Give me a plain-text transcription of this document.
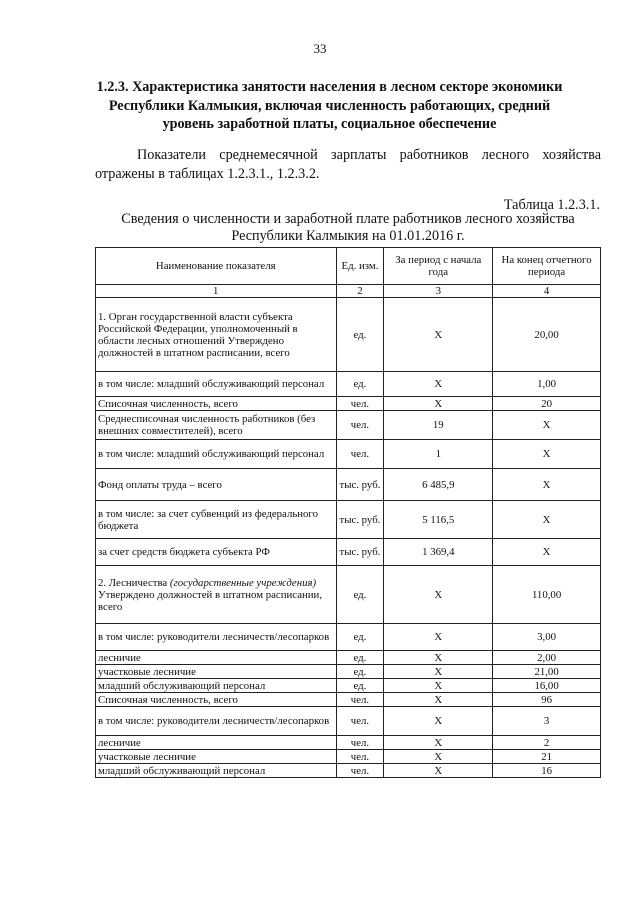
33
1.2.3. Характеристика занятости населения в лесном секторе экономики Республики Калмыкия, включая численность работающих, средний уровень заработной платы, социальное обеспечение
Показатели среднемесячной зарплаты работников лесного хозяйства
отражены в таблицах 1.2.3.1., 1.2.3.2.
Таблица 1.2.3.1.
Сведения о численности и заработной плате работников лесного хозяйства
Республики Калмыкия на 01.01.2016 г.
Наименование показателя	Ед. изм.	За период с начала года	На конец отчетного периода
1	2	3	4
1. Орган государственной власти субъекта Российской Федерации, уполномоченный в области лесных отношений Утверждено должностей в штатном расписании, всего	ед.	Х	20,00
в том числе: младший обслуживающий персонал	ед.	Х	1,00
Списочная численность, всего	чел.	Х	20
Среднесписочная численность работников (без внешних совместителей), всего	чел.	19	Х
в том числе: младший обслуживающий персонал	чел.	1	Х
Фонд оплаты труда – всего	тыс. руб.	6 485,9	Х
в том числе: за счет субвенций из федерального бюджета	тыс. руб.	5 116,5	Х
за счет средств бюджета субъекта РФ	тыс. руб.	1 369,4	Х
2. Лесничества (государственные учреждения) Утверждено должностей в штатном расписании, всего	ед.	Х	110,00
в том числе: руководители лесничеств/лесопарков	ед.	Х	3,00
лесничие	ед.	Х	2,00
участковые лесничие	ед.	Х	21,00
младший обслуживающий персонал	ед.	Х	16,00
Списочная численность, всего	чел.	Х	96
в том числе: руководители лесничеств/лесопарков	чел.	Х	3
лесничие	чел.	Х	2
участковые лесничие	чел.	Х	21
младший обслуживающий персонал	чел.	Х	16
